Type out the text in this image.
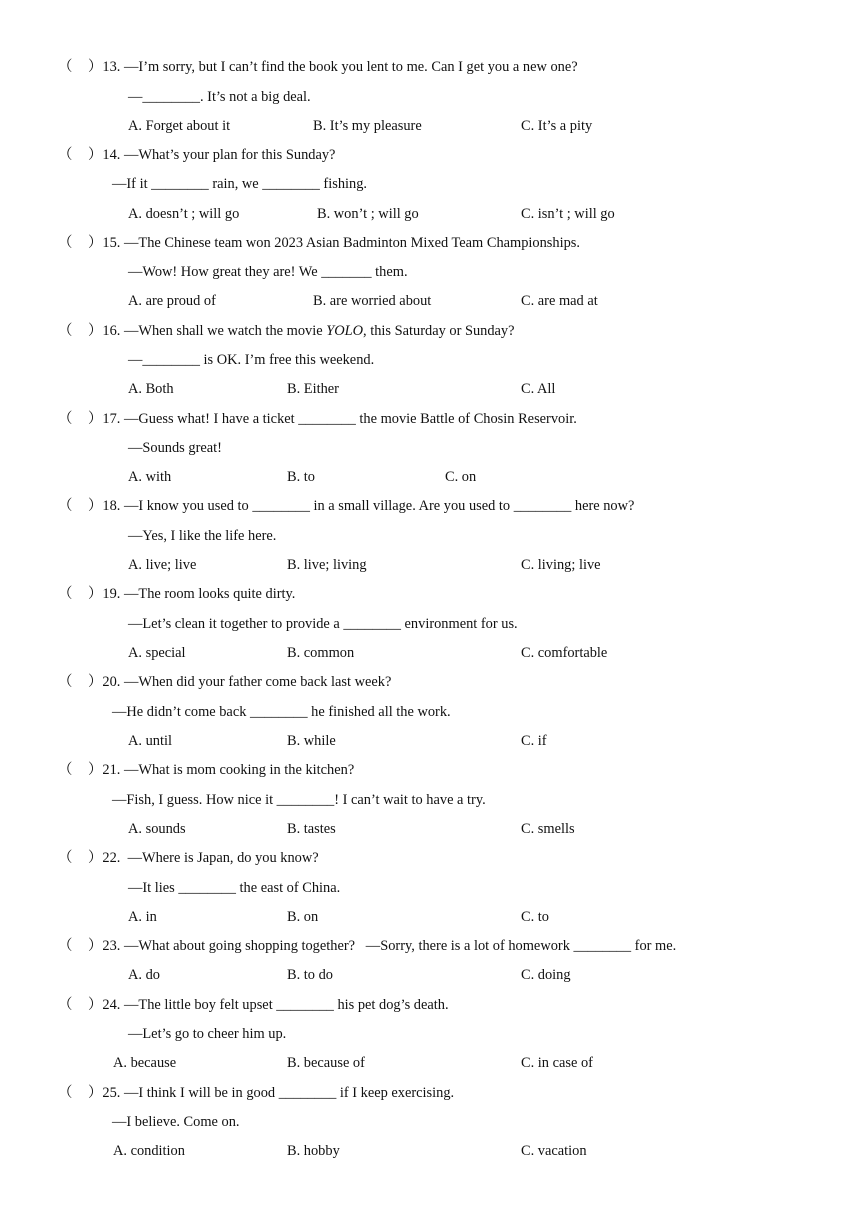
（ ）13. —I’m sorry, but I can’t find the book you lent to me. Can I get you a new one?
—________. It’s not a big deal.
A. Forget about it	B. It’s my pleasure	C. It’s a pity
（ ）14. —What’s your plan for this Sunday?
—If it ________ rain, we ________ fishing.
A. doesn’t ; will go	B. won’t ; will go	C. isn’t ; will go
（ ）15. —The Chinese team won 2023 Asian Badminton Mixed Team Championships.
—Wow! How great they are! We _______ them.
A. are proud of	B. are worried about	C. are mad at
（ ）16. —When shall we watch the movie YOLO, this Saturday or Sunday?
—________ is OK. I’m free this weekend.
A. Both	B. Either	C. All
（ ）17. —Guess what! I have a ticket ________ the movie Battle of Chosin Reservoir.
—Sounds great!
A. with	B. to	C. on
（ ）18. —I know you used to ________ in a small village. Are you used to ________ here now?
—Yes, I like the life here.
A. live; live	B. live; living	C. living; live
（ ）19. —The room looks quite dirty.
—Let’s clean it together to provide a ________ environment for us.
A. special	B. common	C. comfortable
（ ）20. —When did your father come back last week?
—He didn’t come back ________ he finished all the work.
A. until	B. while	C. if
（ ）21. —What is mom cooking in the kitchen?
—Fish, I guess. How nice it ________! I can’t wait to have a try.
A. sounds	B. tastes	C. smells
（ ）22.  —Where is Japan, do you know?
—It lies ________ the east of China.
A. in	B. on	C. to
（ ）23. —What about going shopping together?   —Sorry, there is a lot of homework ________ for me.
A. do	B. to do	C. doing
（ ）24. —The little boy felt upset ________ his pet dog’s death.
—Let’s go to cheer him up.
A. because	B. because of	C. in case of
（ ）25. —I think I will be in good ________ if I keep exercising.
—I believe. Come on.
A. condition	B. hobby	C. vacation
